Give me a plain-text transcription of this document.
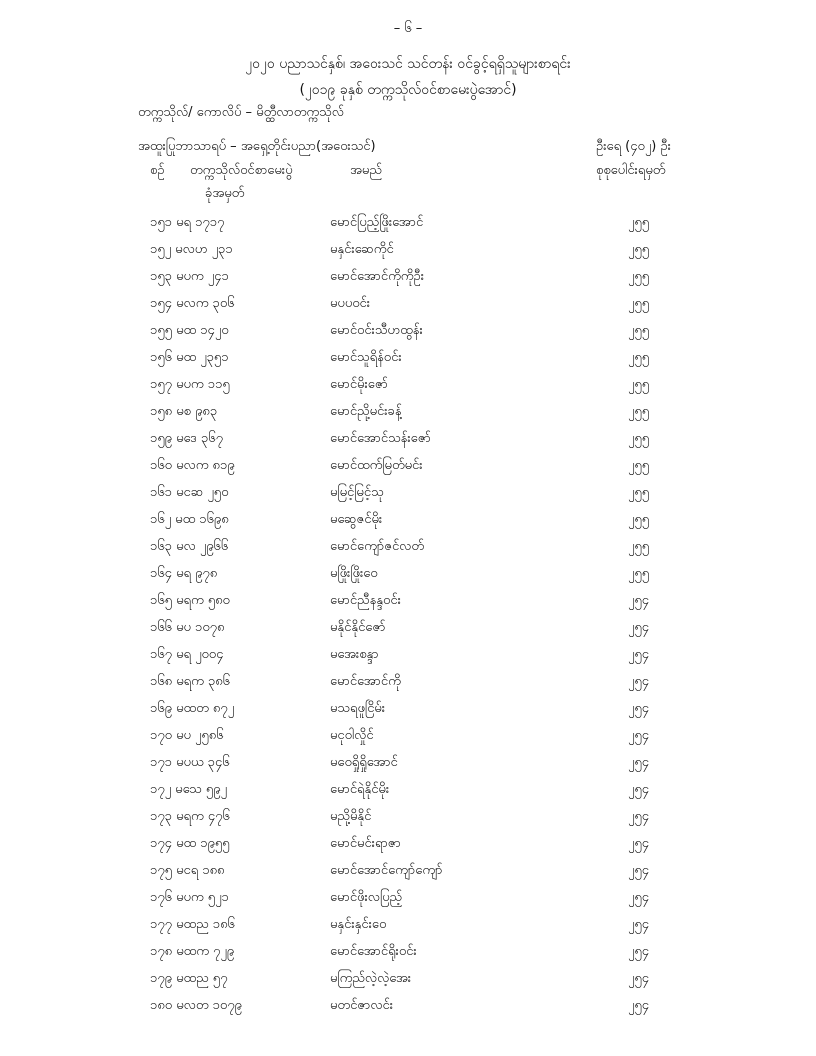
– ၆ –
၂၀၂၀ ပညာသင်နှစ်၊ အဝေးသင် သင်တန်း ဝင်ခွင့်ရရှိသူများစာရင်း
(၂၀၁၉ ခုနှစ် တက္ကသိုလ်ဝင်စာမေးပွဲအောင်)
တက္ကသိုလ်/ ကောလိပ် – မိတ္ထီလာတက္ကသိုလ်
အထူးပြုဘာသာရပ် – အရှေ့တိုင်းပညာ(အဝေးသင်)	ဦးရေ (၄၀၂) ဦး
စဉ် တက္ကသိုလ်ဝင်စာမေးပွဲ
ခုံအမှတ်
အမည်	စုစုပေါင်းရမှတ်
၁၅၁ မရ ၁၇၁၇	မောင်ပြည့်ဖြိုးအောင်	၂၅၅
၁၅၂ မလဟ ၂၃၁	မနှင်းဆေကိုင်	၂၅၅
၁၅၃ မပက ၂၄၁	မောင်အောင်ကိုကိုဦး	၂၅၅
၁၅၄ မလက ၃၀၆	မပပဝင်း	၂၅၅
၁၅၅ မထ ၁၄၂၀	မောင်ဝင်းသီဟထွန်း	၂၅၅
၁၅၆ မထ ၂၃၅၁	မောင်သူရိန်ဝင်း	၂၅၅
၁၅၇ မပက ၁၁၅	မောင်မိုးဇော်	၂၅၅
၁၅၈ မစ ၉၈၃	မောင်ညို့မင်းခန့်	၂၅၅
၁၅၉ မဒေ ၃၆၇	မောင်အောင်သန်းဇော်	၂၅၅
၁၆၀ မလက ၈၁၉	မောင်ထက်မြတ်မင်း	၂၅၅
၁၆၁ မငဆ ၂၅၀	မမြင့်မြင့်သု	၂၅၅
၁၆၂ မထ ၁၆၉၈	မဆွေဇင်မိုး	၂၅၅
၁၆၃ မလ ၂၉၆၆	မောင်ကျော်ဇင်လတ်	၂၅၅
၁၆၄ မရ ၉၇၈	မဖြိုးဖြိုးဝေ	၂၅၅
၁၆၅ မရက ၅၈၀	မောင်ညီနန္ဒဝင်း	၂၅၄
၁၆၆ မပ ၁၀၇၈	မနိုင်နိုင်ဇော်	၂၅၄
၁၆၇ မရ ၂၀၀၄	မအေးစန္ဒာ	၂၅၄
၁၆၈ မရက ၃၈၆	မောင်အောင်ကို	၂၅၄
၁၆၉ မထတ ၈၇၂	မသရဖူငြိမ်း	၂၅၄
၁၇၀ မပ ၂၅၈၆	မငုဝါလှိုင်	၂၅၄
၁၇၁ မပယ ၃၄၆	မဝေရှိုရှိုအောင်	၂၅၄
၁၇၂ မသေ ၅၉၂	မောင်ရဲနိုင်မိုး	၂၅၄
၁၇၃ မရက ၄၇၆	မညို့မိနိုင်	၂၅၄
၁၇၄ မထ ၁၉၅၅	မောင်မင်းရာဇာ	၂၅၄
၁၇၅ မငရ ၁၈၈	မောင်အောင်ကျော်ကျော်	၂၅၄
၁၇၆ မပက ၅၂၁	မောင်ဖိုးလပြည့်	၂၅၄
၁၇၇ မထည ၁၈၆	မနှင်းနှင်းဝေ	၂၅၄
၁၇၈ မထက ၇၂၉	မောင်အောင်ရိုးဝင်း	၂၅၄
၁၇၉ မထည ၅၇	မကြည်လဲ့လဲ့အေး	၂၅၄
၁၈၀ မလတ ၁၀၇၉	မတင်ဇာလင်း	၂၅၄
